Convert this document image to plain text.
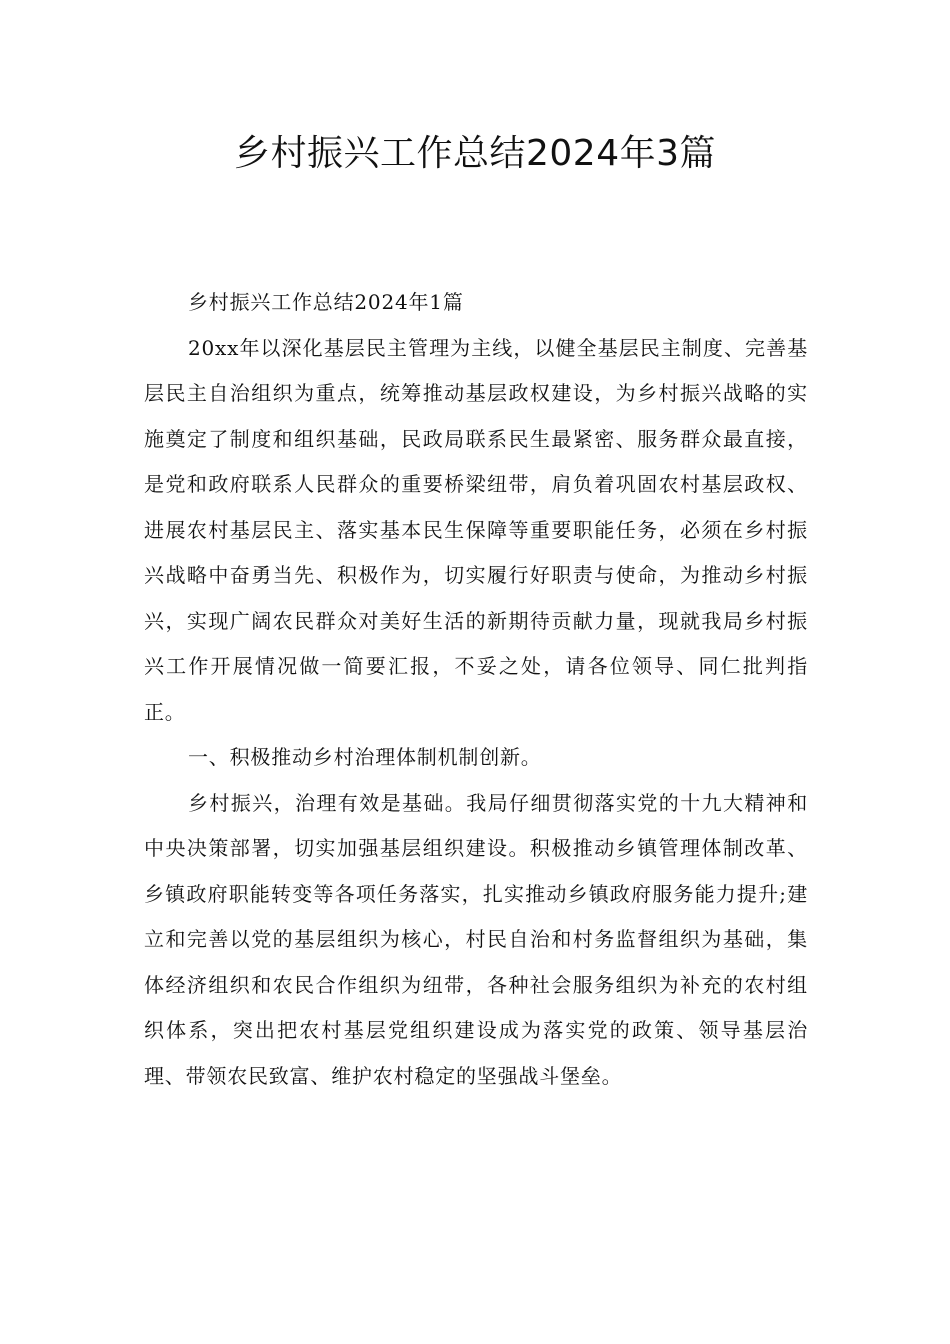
乡村振兴工作总结2024年3篇

乡村振兴工作总结2024年1篇

20xx年以深化基层民主管理为主线，以健全基层民主制度、完善基层民主自治组织为重点，统筹推动基层政权建设，为乡村振兴战略的实施奠定了制度和组织基础，民政局联系民生最紧密、服务群众最直接，是党和政府联系人民群众的重要桥梁纽带，肩负着巩固农村基层政权、进展农村基层民主、落实基本民生保障等重要职能任务，必须在乡村振兴战略中奋勇当先、积极作为，切实履行好职责与使命，为推动乡村振兴，实现广阔农民群众对美好生活的新期待贡献力量，现就我局乡村振兴工作开展情况做一简要汇报，不妥之处，请各位领导、同仁批判指正。

一、积极推动乡村治理体制机制创新。

乡村振兴，治理有效是基础。我局仔细贯彻落实党的十九大精神和中央决策部署，切实加强基层组织建设。积极推动乡镇管理体制改革、乡镇政府职能转变等各项任务落实，扎实推动乡镇政府服务能力提升;建立和完善以党的基层组织为核心，村民自治和村务监督组织为基础，集体经济组织和农民合作组织为纽带，各种社会服务组织为补充的农村组织体系，突出把农村基层党组织建设成为落实党的政策、领导基层治理、带领农民致富、维护农村稳定的坚强战斗堡垒。
